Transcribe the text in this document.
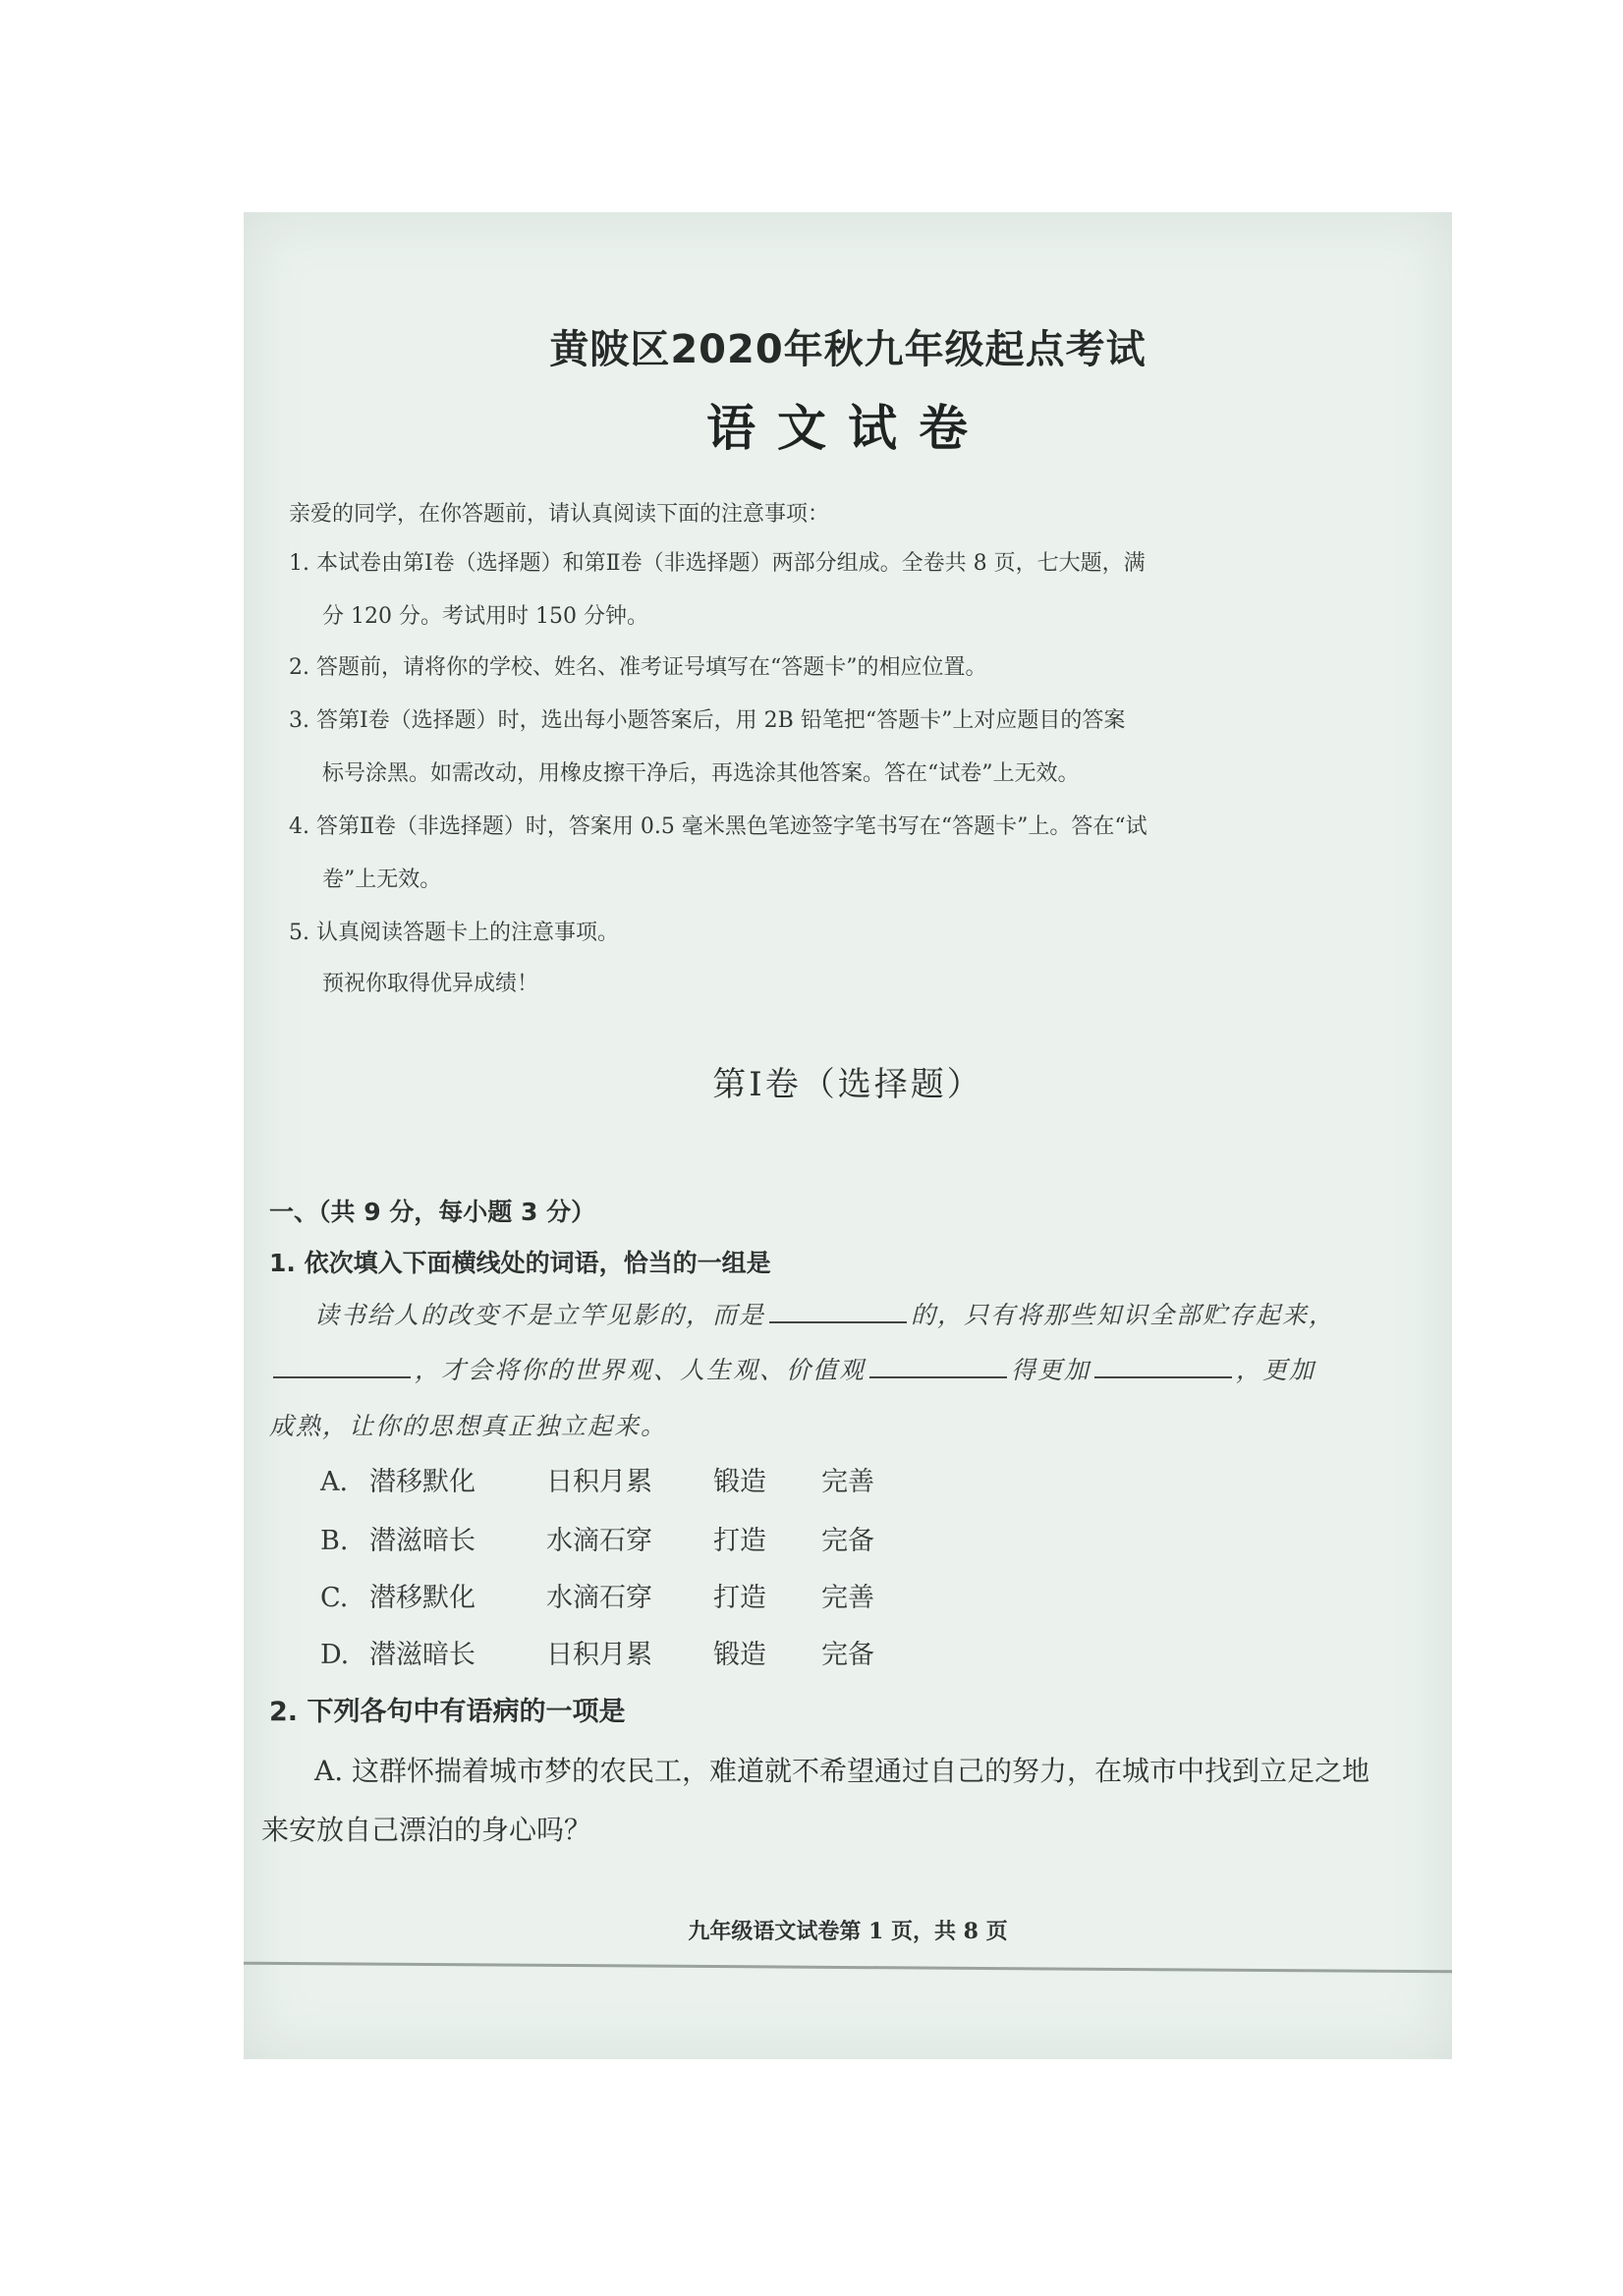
黄陂区2020年秋九年级起点考试
语文试卷
亲爱的同学，在你答题前，请认真阅读下面的注意事项：
1. 本试卷由第Ⅰ卷（选择题）和第Ⅱ卷（非选择题）两部分组成。全卷共 8 页，七大题，满
分 120 分。考试用时 150 分钟。
2. 答题前，请将你的学校、姓名、准考证号填写在“答题卡”的相应位置。
3. 答第Ⅰ卷（选择题）时，选出每小题答案后，用 2B 铅笔把“答题卡”上对应题目的答案
标号涂黑。如需改动，用橡皮擦干净后，再选涂其他答案。答在“试卷”上无效。
4. 答第Ⅱ卷（非选择题）时，答案用 0.5 毫米黑色笔迹签字笔书写在“答题卡”上。答在“试
卷”上无效。
5. 认真阅读答题卡上的注意事项。
预祝你取得优异成绩！
第Ⅰ卷（选择题）
一、（共 9 分，每小题 3 分）
1. 依次填入下面横线处的词语，恰当的一组是
读书给人的改变不是立竿见影的，而是	的，只有将那些知识全部贮存起来，
，才会将你的世界观、人生观、价值观	得更加	，更加
成熟，让你的思想真正独立起来。
A. 潜移默化	日积月累 锻造 完善
B. 潜滋暗长	水滴石穿 打造 完备
C. 潜移默化	水滴石穿 打造 完善
D. 潜滋暗长	日积月累 锻造 完备
2. 下列各句中有语病的一项是
A. 这群怀揣着城市梦的农民工，难道就不希望通过自己的努力，在城市中找到立足之地
来安放自己漂泊的身心吗？
九年级语文试卷第 1 页，共 8 页
